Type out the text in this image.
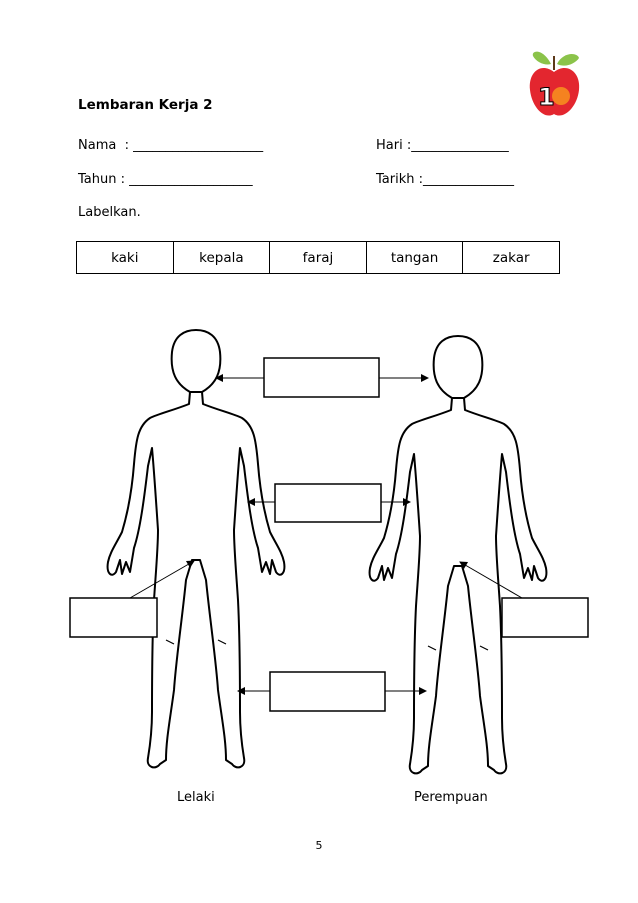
1
Lembaran Kerja 2
Nama  : ____________________	Hari :_______________
Tahun : ___________________	Tarikh :______________
Labelkan.
kaki	kepala	faraj	tangan	zakar
Lelaki	Perempuan
5
